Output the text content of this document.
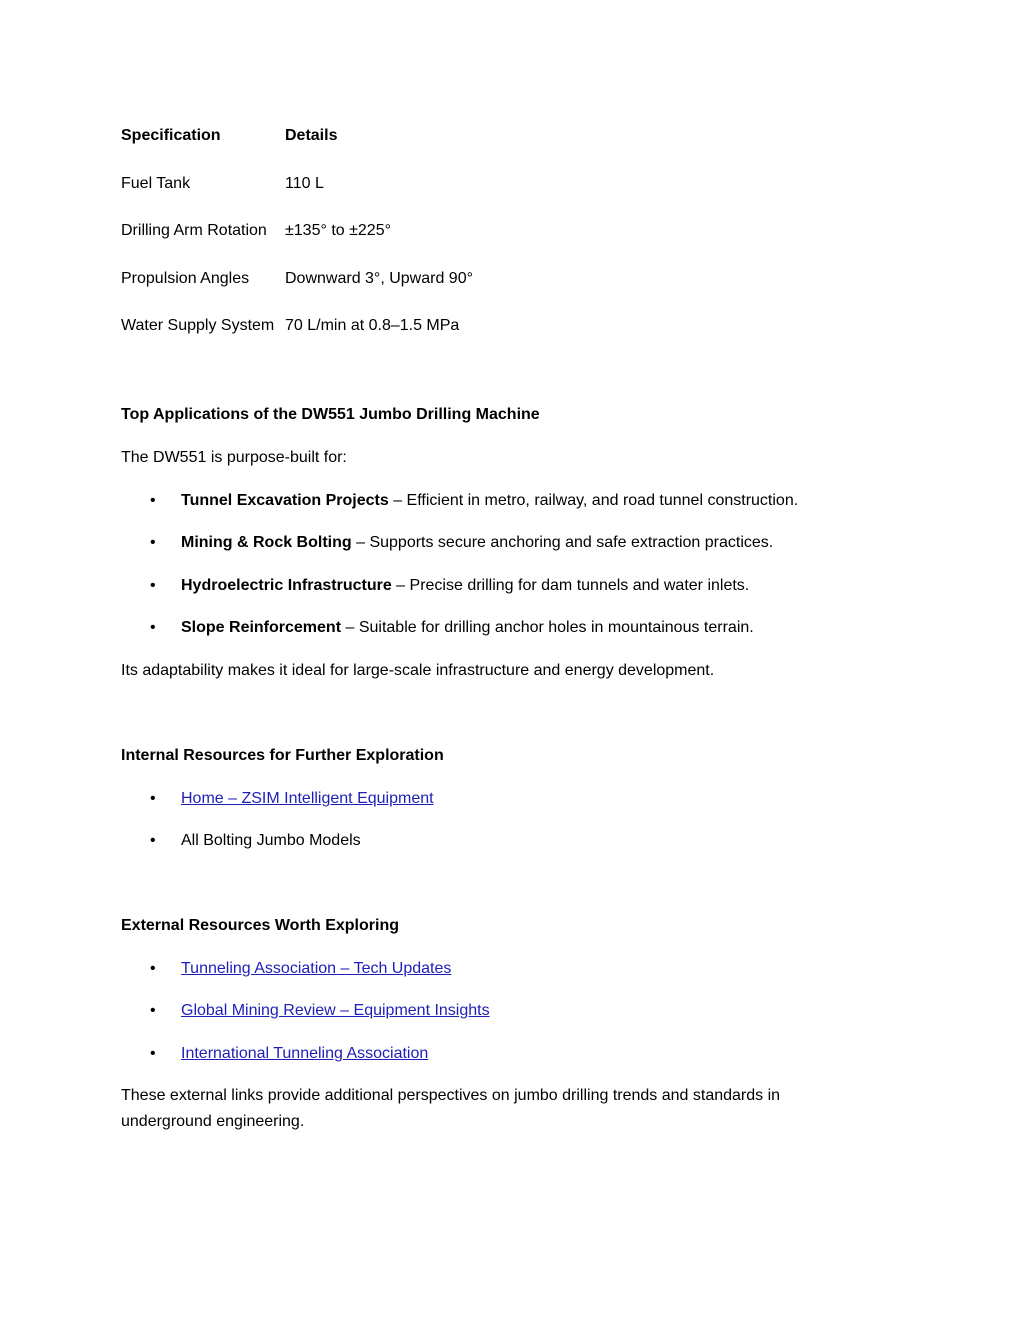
Specification	Details
Fuel Tank	110 L
Drilling Arm Rotation ±135° to ±225°
Propulsion Angles Downward 3°, Upward 90°
Water Supply System 70 L/min at 0.8–1.5 MPa
Top Applications of the DW551 Jumbo Drilling Machine
The DW551 is purpose-built for:
• Tunnel Excavation Projects – Efficient in metro, railway, and road tunnel construction.
• Mining & Rock Bolting – Supports secure anchoring and safe extraction practices.
• Hydroelectric Infrastructure – Precise drilling for dam tunnels and water inlets.
• Slope Reinforcement – Suitable for drilling anchor holes in mountainous terrain.
Its adaptability makes it ideal for large-scale infrastructure and energy development.
Internal Resources for Further Exploration
• Home – ZSIM Intelligent Equipment
• All Bolting Jumbo Models
External Resources Worth Exploring
• Tunneling Association – Tech Updates
• Global Mining Review – Equipment Insights
• International Tunneling Association
These external links provide additional perspectives on jumbo drilling trends and standards in underground engineering.
